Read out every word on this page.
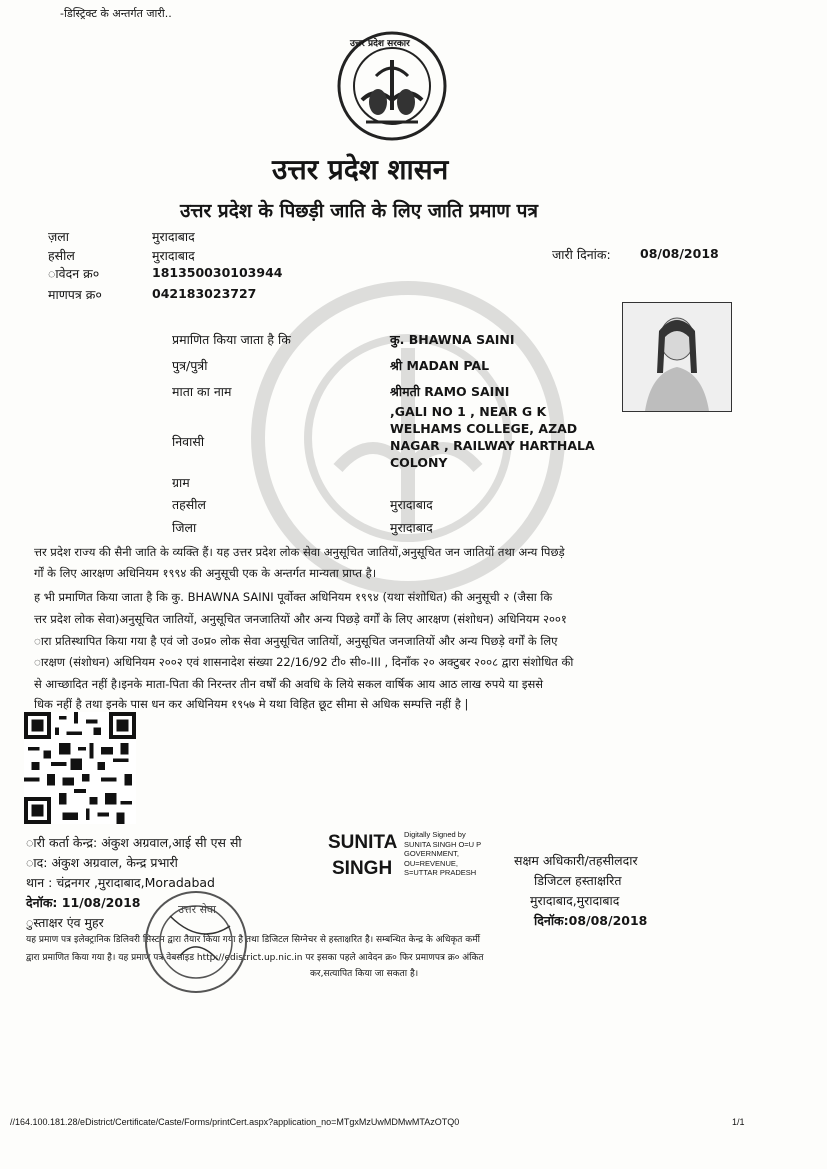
-डिस्ट्रिक्ट के अन्तर्गत जारी..
उत्तर प्रदेश सरकार
उत्तर प्रदेश शासन
उत्तर प्रदेश के पिछड़ी जाति के लिए जाति प्रमाण पत्र
ज़ला	मुरादाबाद
हसील	मुरादाबाद
ावेदन क्र०	181350030103944
माणपत्र क्र०	042183023727
जारी दिनांक: 08/08/2018
प्रमाणित किया जाता है कि	कु. BHAWNA SAINI
पुत्र/पुत्री	श्री MADAN PAL
माता का नाम	श्रीमती RAMO SAINI
निवासी
,GALI NO 1 , NEAR G K
WELHAMS COLLEGE, AZAD
NAGAR , RAILWAY HARTHALA
COLONY
ग्राम
तहसील	मुरादाबाद
जिला	मुरादाबाद
त्तर प्रदेश राज्य की सैनी जाति के व्यक्ति हैं। यह उत्तर प्रदेश लोक सेवा अनुसूचित जातियों,अनुसूचित जन जातियों तथा अन्य पिछड़े
र्गों के लिए आरक्षण अधिनियम १९९४ की अनुसूची एक के अन्तर्गत मान्यता प्राप्त है।
ह भी प्रमाणित किया जाता है कि कु. BHAWNA SAINI पूर्वोक्त अधिनियम १९९४ (यथा संशोधित) की अनुसूची २ (जैसा कि
त्तर प्रदेश लोक सेवा)अनुसूचित जातियों, अनुसूचित जनजातियों और अन्य पिछड़े वर्गों के लिए आरक्षण (संशोधन) अधिनियम २००१
ारा प्रतिस्थापित किया गया है एवं जो उ०प्र० लोक सेवा अनुसूचित जातियों, अनुसूचित जनजातियों और अन्य पिछड़े वर्गों के लिए
ारक्षण (संशोधन) अधिनियम २००२ एवं शासनादेश संख्या 22/16/92 टी० सी०-III , दिनाँक २० अक्टुबर २००८ द्वारा संशोधित की
से आच्छादित नहीं है।इनके माता-पिता की निरन्तर तीन वर्षों की अवधि के लिये सकल वार्षिक आय आठ लाख रुपये या इससे
धिक नहीं है तथा इनके पास धन कर अधिनियम १९५७ मे यथा विहित छूट सीमा से अधिक सम्पत्ति नहीं है |
ारी कर्ता केन्द्र: अंकुश अग्रवाल,आई सी एस सी
ाद: अंकुश अग्रवाल, केन्द्र प्रभारी
थान : चंद्रनगर ,मुरादाबाद,Moradabad
देनॉक: 11/08/2018
ुस्ताक्षर एंव मुहर
SUNITA
SINGH
Digitally Signed by
SUNITA SINGH O=U P
GOVERNMENT,
OU=REVENUE,
S=UTTAR PRADESH
सक्षम अधिकारी/तहसीलदार
डिजिटल हस्ताक्षरित
मुरादाबाद,मुरादाबाद
दिनॉक:08/08/2018
यह प्रमाण पत्र इलेक्ट्रानिक डिलिवरी सिस्टम द्वारा तैयार किया गया है तथा डिजिटल सिग्नेचर से हस्ताक्षरित है। सम्बन्धित केन्द्र के अधिकृत कर्मी
द्वारा प्रमाणित किया गया है। यह प्रमाण पत्र वेबसाइड http://edistrict.up.nic.in पर इसका पहले आवेदन क्र० फिर प्रमाणपत्र क्र० अंकित
कर,सत्यापित किया जा सकता है।
उत्तर सेवा
//164.100.181.28/eDistrict/Certificate/Caste/Forms/printCert.aspx?application_no=MTgxMzUwMDMwMTAzOTQ0	1/1
